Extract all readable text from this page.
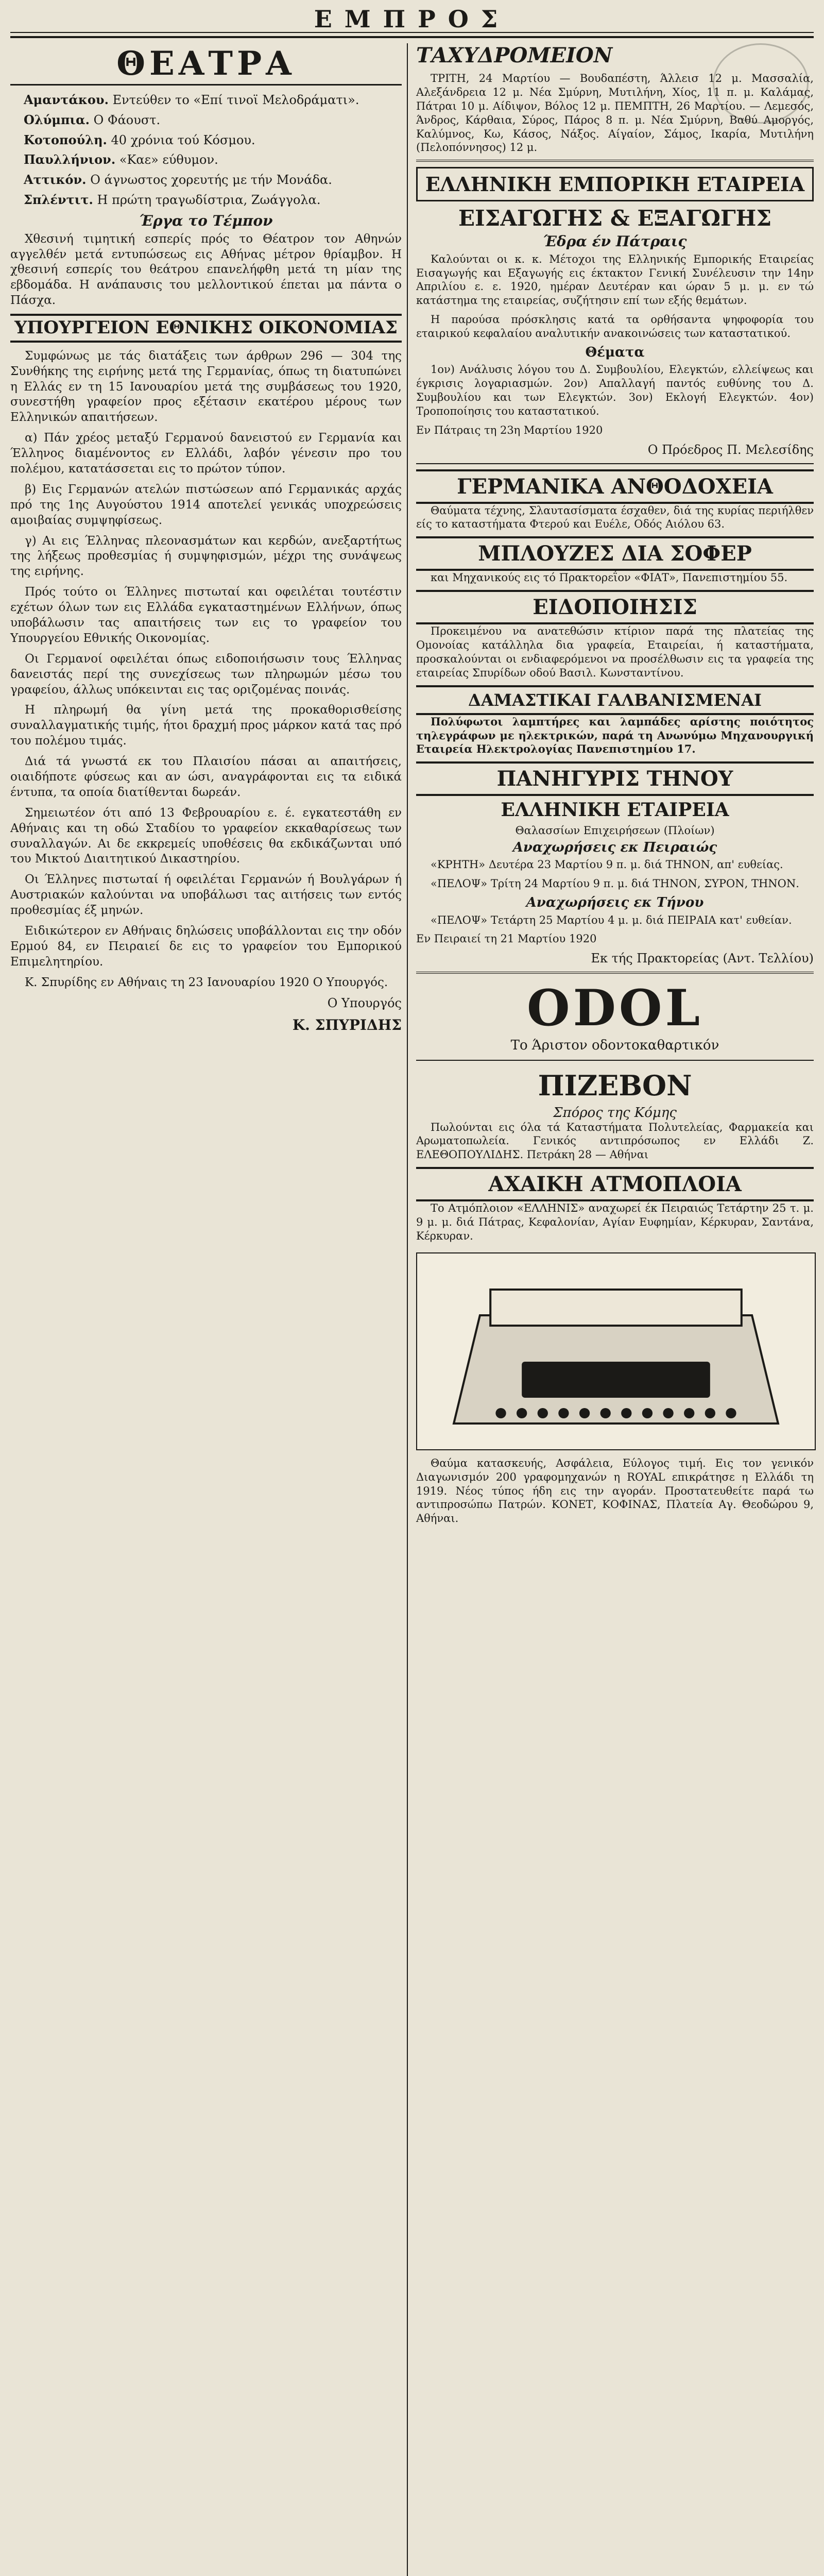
ΕΜΠΡΟΣ
ΘΕΑΤΡΑ

Αμαντάκου. Εντεύθεν το «Επί τινοϊ Μελοδράματι».

Ολύμπια. Ο Φάουστ.

Κοτοπούλη. 40 χρόνια τού Κόσμου.

Παυλλήνιον. «Καε» εύθυμον.

Αττικόν. Ο άγνωστος χορευτής με τήν Μονάδα.

Σπλέντιτ. Η πρώτη τραγωδίστρια, Ζωάγγολα.

Έργα το Τέμπον

Χθεσινή τιμητική εσπερίς πρός το Θέατρον τον Αθηνών αγγελθέν μετά εντυπώσεως εις Αθήνας μέτρον θρίαμβον. Η χθεσινή εσπερίς του θεάτρου επανελήφθη μετά τη μίαν της εβδομάδα. Η ανάπαυσις του μελλοντικού έπεται μα πάντα ο Πάσχα.

ΥΠΟΥΡΓΕΙΟΝ ΕΘΝΙΚΗΣ ΟΙΚΟΝΟΜΙΑΣ

Συμφώνως με τάς διατάξεις των άρθρων 296 — 304 της Συνθήκης της ειρήνης μετά της Γερμανίας, όπως τη διατυπώνει η Ελλάς εν τη 15 Ιανουαρίου μετά της συμβάσεως του 1920, συνεστήθη γραφείον προς εξέτασιν εκατέρου μέρους των Ελληνικών απαιτήσεων.

α) Πάν χρέος μεταξύ Γερμανού δανειστού εν Γερμανία και Έλληνος διαμένοντος εν Ελλάδι, λαβόν γένεσιν προ του πολέμου, κατατάσσεται εις το πρώτον τύπον.

β) Εις Γερμανών ατελών πιστώσεων από Γερμανικάς αρχάς πρό της 1ης Αυγούστου 1914 αποτελεί γενικάς υποχρεώσεις αμοιβαίας συμψηφίσεως.

γ) Αι εις Έλληνας πλεονασμάτων και κερδών, ανεξαρτήτως της λήξεως προθεσμίας ή συμψηφισμών, μέχρι της συνάψεως της ειρήνης.

Πρός τούτο οι Έλληνες πιστωταί και οφειλέται τουτέστιν εχέτων όλων των εις Ελλάδα εγκαταστημένων Ελλήνων, όπως υποβάλωσιν τας απαιτήσεις των εις το γραφείον του Υπουργείου Εθνικής Οικονομίας.

Οι Γερμανοί οφειλέται όπως ειδοποιήσωσιν τους Έλληνας δανειστάς περί της συνεχίσεως των πληρωμών μέσω του γραφείου, άλλως υπόκεινται εις τας οριζομένας ποινάς.

Η πληρωμή θα γίνη μετά της προκαθορισθείσης συναλλαγματικής τιμής, ήτοι δραχμή προς μάρκον κατά τας πρό του πολέμου τιμάς.

Διά τά γνωστά εκ του Πλαισίου πάσαι αι απαιτήσεις, οιαιδήποτε φύσεως και αν ώσι, αναγράφονται εις τα ειδικά έντυπα, τα οποία διατίθενται δωρεάν.

Σημειωτέον ότι από 13 Φεβρουαρίου ε. έ. εγκατεστάθη εν Αθήναις και τη οδώ Σταδίου το γραφείον εκκαθαρίσεως των συναλλαγών. Αι δε εκκρεμείς υποθέσεις θα εκδικάζωνται υπό του Μικτού Διαιτητικού Δικαστηρίου.

Οι Έλληνες πιστωταί ή οφειλέται Γερμανών ή Βουλγάρων ή Αυστριακών καλούνται να υποβάλωσι τας αιτήσεις των εντός προθεσμίας έξ μηνών.

Ειδικώτερον εν Αθήναις δηλώσεις υποβάλλονται εις την οδόν Ερμού 84, εν Πειραιεί δε εις το γραφείον του Εμπορικού Επιμελητηρίου.

Κ. Σπυρίδης εν Αθήναις τη 23 Ιανουαρίου 1920 Ο Υπουργός.

Ο Υπουργός
Κ. ΣΠΥΡΙΔΗΣ
ΤΑΧΥΔΡΟΜΕΙΟΝ

ΤΡΙΤΗ, 24 Μαρτίου — Βουδαπέστη, Άλλεισ 12 μ. Μασσαλία, Αλεξάνδρεια 12 μ. Νέα Σμύρνη, Μυτιλήνη, Χίος, 11 π. μ. Καλάμας, Πάτραι 10 μ. Αίδιψον, Βόλος 12 μ. ΠΕΜΠΤΗ, 26 Μαρτίου. — Λεμεσός, Άνδρος, Κάρθαια, Σύρος, Πάρος 8 π. μ. Νέα Σμύρνη, Βαθύ Αμοργός, Καλύμνος, Κω, Κάσος, Νάξος. Αίγαίον, Σάμος, Ικαρία, Μυτιλήνη (Πελοπόννησος) 12 μ.

ΕΛΛΗΝΙΚΗ ΕΜΠΟΡΙΚΗ ΕΤΑΙΡΕΙΑ
ΕΙΣΑΓΩΓΗΣ & ΕΞΑΓΩΓΗΣ
Έδρα έν Πάτραις

Καλούνται οι κ. κ. Μέτοχοι της Ελληνικής Εμπορικής Εταιρείας Εισαγωγής και Εξαγωγής εις έκτακτον Γενική Συνέλευσιν την 14ην Απριλίου ε. ε. 1920, ημέραν Δευτέραν και ώραν 5 μ. μ. εν τώ κατάστημα της εταιρείας, συζήτησιν επί των εξής θεμάτων.

Η παρούσα πρόσκλησις κατά τα ορθήσαντα ψηφοφορία του εταιρικού κεφαλαίου αναλυτικήν ανακοινώσεις των καταστατικού.

Θέματα

1ον) Ανάλυσις λόγου του Δ. Συμβουλίου, Ελεγκτών, ελλείψεως και έγκρισις λογαριασμών. 2ον) Απαλλαγή παντός ευθύνης του Δ. Συμβουλίου και των Ελεγκτών. 3ον) Εκλογή Ελεγκτών. 4ον) Τροποποίησις του καταστατικού.

Εν Πάτραις τη 23η Μαρτίου 1920

Ο Πρόεδρος Π. Μελεσίδης
ΓΕΡΜΑΝΙΚΑ ΑΝΘΟΔΟΧΕΙΑ

Θαύματα τέχνης, Σλαυτασίσματα έσχαθεν, διά της κυρίας περιήλθεν είς το καταστήματα Φτερού και Ευέλε, Οδός Αιόλου 63.

ΜΠΛΟΥΖΕΣ ΔΙΑ ΣΟΦΕΡ

και Μηχανικούς εις τό Πρακτορεΐον «ΦΙΑΤ», Πανεπιστημίου 55.

ΕΙΔΟΠΟΙΗΣΙΣ

Προκειμένου να ανατεθώσιν κτίριον παρά της πλατείας της Ομονοίας κατάλληλα δια γραφεία, Εταιρείαι, ή καταστήματα, προσκαλούνται οι ενδιαφερόμενοι να προσέλθωσιν εις τα γραφεία της εταιρείας Σπυρίδων οδού Βασιλ. Κωνσταντίνου.

ΔΑΜΑΣΤΙΚΑΙ ΓΑΛΒΑΝΙΣΜΕΝΑΙ

Πολύφωτοι λαμπτήρες και λαμπάδες αρίστης ποιότητος τηλεγράφων με ηλεκτρικών, παρά τη Ανωνύμω Μηχανουργική Εταιρεία Ηλεκτρολογίας Πανεπιστημίου 17.

ΠΑΝΗΓΥΡΙΣ ΤΗΝΟΥ
ΕΛΛΗΝΙΚΗ ΕΤΑΙΡΕΙΑ
Θαλασσίων Επιχειρήσεων (Πλοίων)
Αναχωρήσεις εκ Πειραιώς

«ΚΡΗΤΗ» Δευτέρα 23 Μαρτίου 9 π. μ. διά ΤΗΝΟΝ, απ' ευθείας.

«ΠΕΛΟΨ» Τρίτη 24 Μαρτίου 9 π. μ. διά ΤΗΝΟΝ, ΣΥΡΟΝ, ΤΗΝΟΝ.

Αναχωρήσεις εκ Τήνου

«ΠΕΛΟΨ» Τετάρτη 25 Μαρτίου 4 μ. μ. διά ΠΕΙΡΑΙΑ κατ' ευθείαν.

Εν Πειραιεί τη 21 Μαρτίου 1920

Εκ τής Πρακτορείας (Αντ. Τελλίου)
ODOL
Το Άριστον οδοντοκαθαρτικόν
ΠΙΖΕΒΟΝ
Σπόρος της Κόμης

Πωλούνται εις όλα τά Καταστήματα Πολυτελείας, Φαρμακεία και Αρωματοπωλεία. Γενικός αντιπρόσωπος εν Ελλάδι Ζ. ΕΛΕΘΟΠΟΥΛΙΔΗΣ. Πετράκη 28 — Αθήναι

ΑΧΑΙΚΗ ΑΤΜΟΠΛΟΙΑ

Το Ατμόπλοιον «ΕΛΛΗΝΙΣ» αναχωρεί έκ Πειραιώς Τετάρτην 25 τ. μ. 9 μ. μ. διά Πάτρας, Κεφαλονίαν, Αγίαν Ευφημίαν, Κέρκυραν, Σαντάνα, Κέρκυραν.

Θαύμα κατασκευής, Ασφάλεια, Εύλογος τιμή. Εις τον γενικόν Διαγωνισμόν 200 γραφομηχανών η ROYAL επικράτησε η Ελλάδι τη 1919. Νέος τύπος ήδη εις την αγοράν. Προστατευθείτε παρά τω αντιπροσώπω Πατρών. ΚΟΝΕΤ, ΚΟΦΙΝΑΣ, Πλατεία Αγ. Θεοδώρου 9, Αθήναι.
